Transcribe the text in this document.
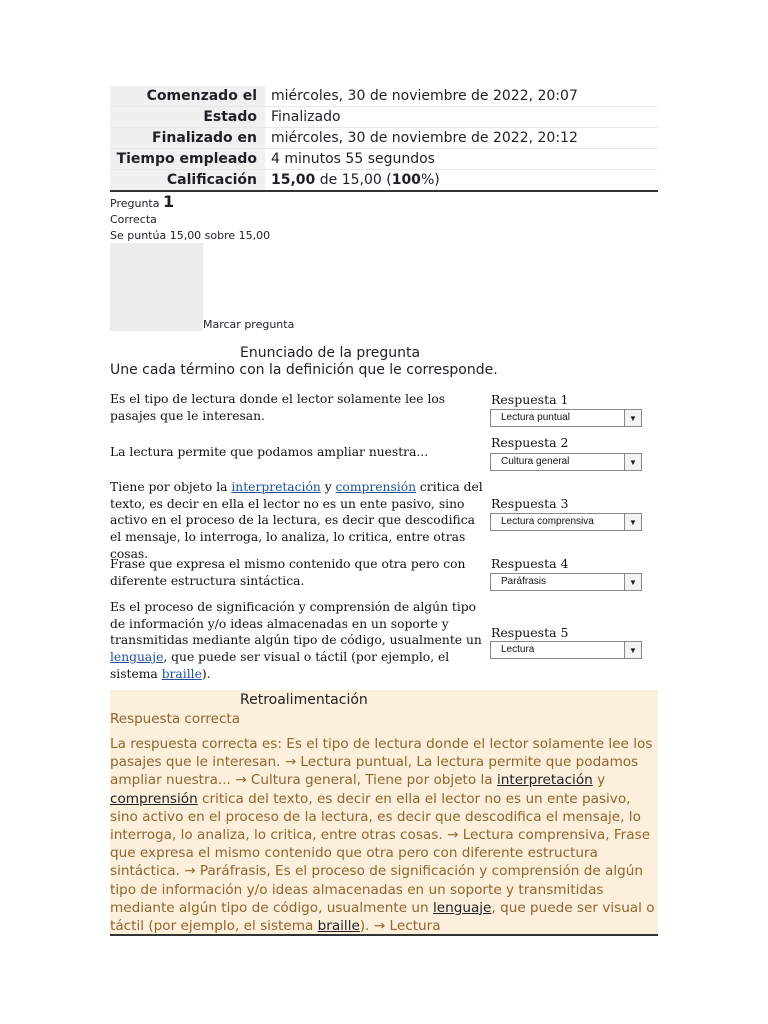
Comenzado el	miércoles, 30 de noviembre de 2022, 20:07
Estado	Finalizado
Finalizado en	miércoles, 30 de noviembre de 2022, 20:12
Tiempo empleado	4 minutos 55 segundos
Calificación	15,00 de 15,00 (100%)
Pregunta 1
Correcta
Se puntúa 15,00 sobre 15,00
Marcar pregunta
Enunciado de la pregunta
Une cada término con la definición que le corresponde.
Es el tipo de lectura donde el lector solamente lee los pasajes que le interesan.
Respuesta 1
Lectura puntual	▼
La lectura permite que podamos ampliar nuestra...
Respuesta 2
Cultura general	▼
Tiene por objeto la interpretación y comprensión critica del texto, es decir en ella el lector no es un ente pasivo, sino activo en el proceso de la lectura, es decir que descodifica el mensaje, lo interroga, lo analiza, lo critica, entre otras cosas.
Respuesta 3
Lectura comprensiva	▼
Frase que expresa el mismo contenido que otra pero con diferente estructura sintáctica.
Respuesta 4
Paráfrasis	▼
Es el proceso de significación y comprensión de algún tipo de información y/o ideas almacenadas en un soporte y transmitidas mediante algún tipo de código, usualmente un lenguaje, que puede ser visual o táctil (por ejemplo, el sistema braille).
Respuesta 5
Lectura	▼
Retroalimentación
Respuesta correcta
La respuesta correcta es: Es el tipo de lectura donde el lector solamente lee los pasajes que le interesan. → Lectura puntual, La lectura permite que podamos ampliar nuestra... → Cultura general, Tiene por objeto la interpretación y comprensión critica del texto, es decir en ella el lector no es un ente pasivo, sino activo en el proceso de la lectura, es decir que descodifica el mensaje, lo interroga, lo analiza, lo critica, entre otras cosas. → Lectura comprensiva, Frase que expresa el mismo contenido que otra pero con diferente estructura sintáctica. → Paráfrasis, Es el proceso de significación y comprensión de algún tipo de información y/o ideas almacenadas en un soporte y transmitidas mediante algún tipo de código, usualmente un lenguaje, que puede ser visual o táctil (por ejemplo, el sistema braille). → Lectura
